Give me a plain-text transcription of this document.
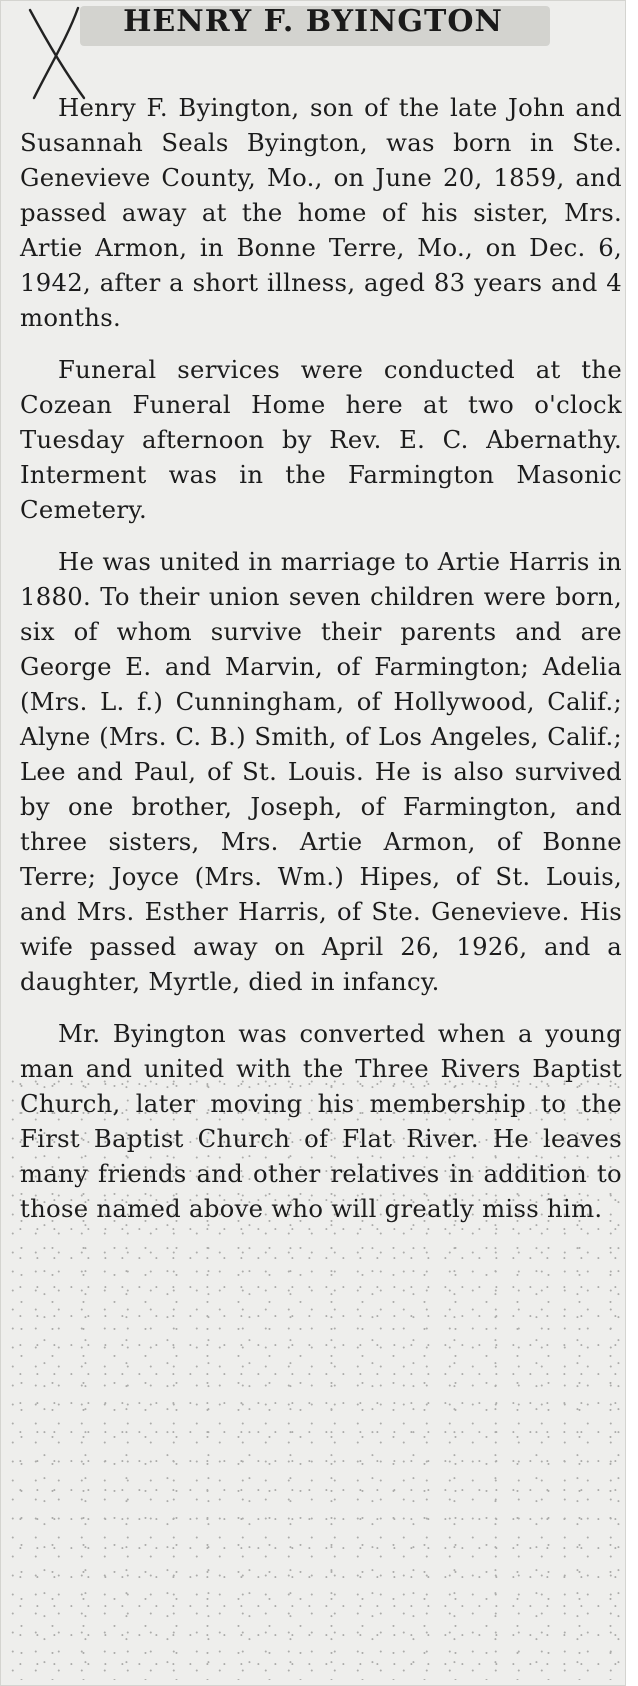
HENRY F. BYINGTON

Henry F. Byington, son of the late John and Susannah Seals Byington, was born in Ste. Genevieve County, Mo., on June 20, 1859, and passed away at the home of his sister, Mrs. Artie Armon, in Bonne Terre, Mo., on Dec. 6, 1942, after a short illness, aged 83 years and 4 months.

Funeral services were conducted at the Cozean Funeral Home here at two o'clock Tuesday afternoon by Rev. E. C. Abernathy. Interment was in the Farmington Masonic Cemetery.

He was united in marriage to Artie Harris in 1880. To their union seven children were born, six of whom survive their parents and are George E. and Marvin, of Farmington; Adelia (Mrs. L. f.) Cunningham, of Hollywood, Calif.; Alyne (Mrs. C. B.) Smith, of Los Angeles, Calif.; Lee and Paul, of St. Louis. He is also survived by one brother, Joseph, of Farmington, and three sisters, Mrs. Artie Armon, of Bonne Terre; Joyce (Mrs. Wm.) Hipes, of St. Louis, and Mrs. Esther Harris, of Ste. Genevieve. His wife passed away on April 26, 1926, and a daughter, Myrtle, died in infancy.

Mr. Byington was converted when a young man and united with the Three Rivers Baptist Church, later moving his membership to the First Baptist Church of Flat River. He leaves many friends and other relatives in addition to those named above who will greatly miss him.
